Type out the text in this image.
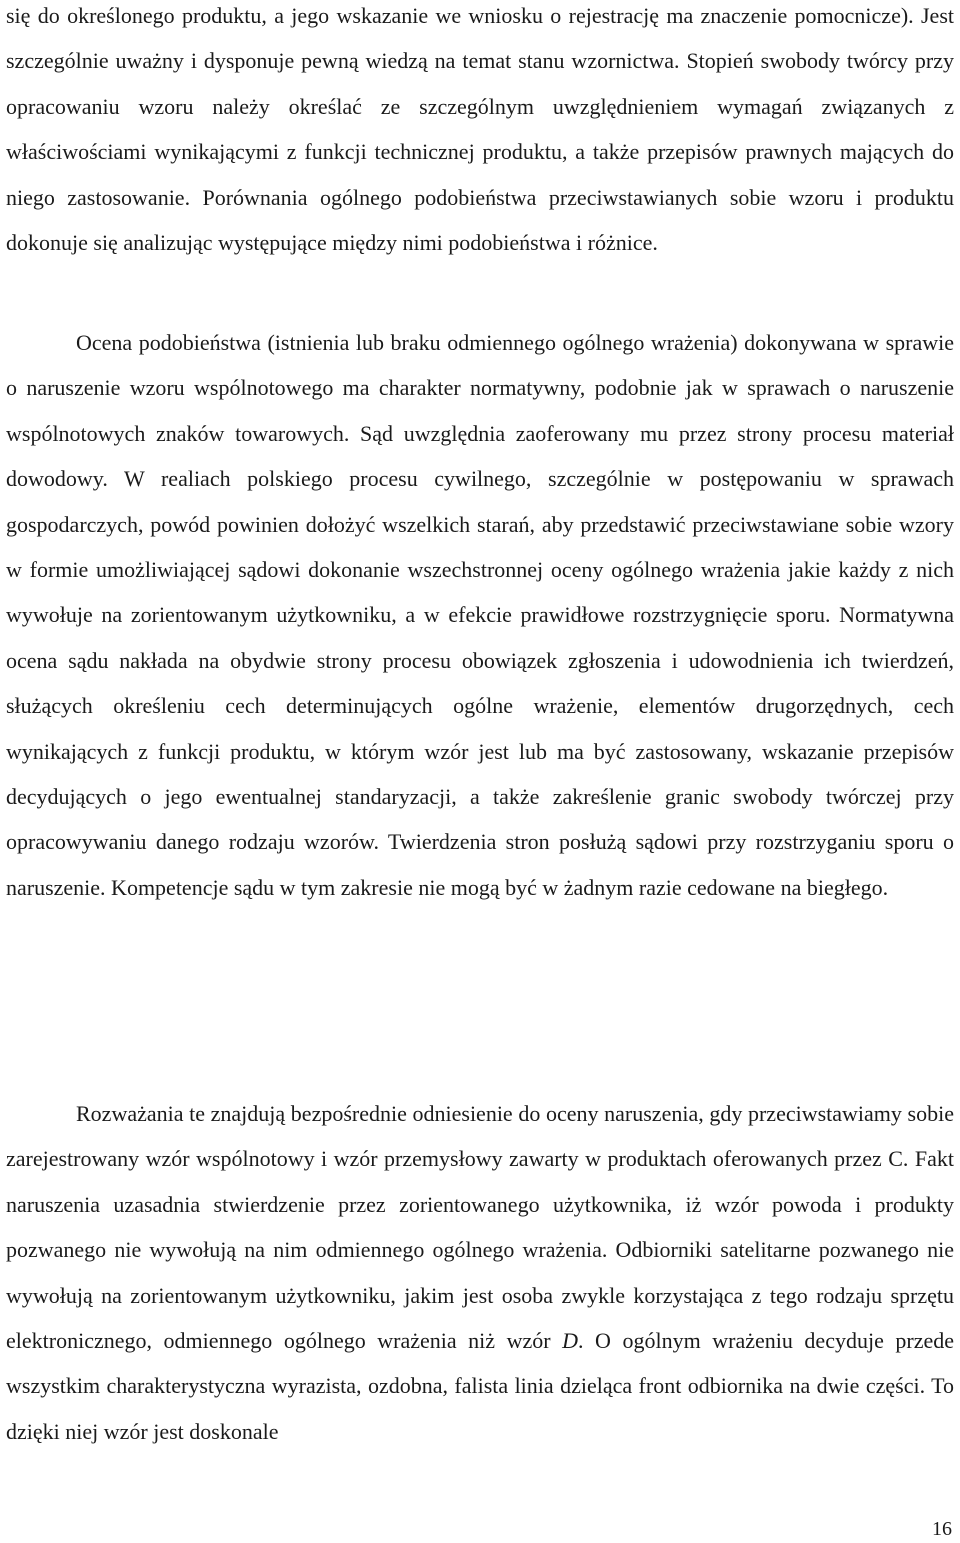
się do określonego produktu, a jego wskazanie we wniosku o rejestrację ma znaczenie pomocnicze). Jest szczególnie uważny i dysponuje pewną wiedzą na temat stanu wzornictwa. Stopień swobody twórcy przy opracowaniu wzoru należy określać ze szczególnym uwzględnieniem wymagań związanych z właściwościami wynikającymi z funkcji technicznej produktu, a także przepisów prawnych mających do niego zastosowanie. Porównania ogólnego podobieństwa przeciwstawianych sobie wzoru i produktu dokonuje się analizując występujące między nimi podobieństwa i różnice.

Ocena podobieństwa (istnienia lub braku odmiennego ogólnego wrażenia) dokonywana w sprawie o naruszenie wzoru wspólnotowego ma charakter normatywny, podobnie jak w sprawach o naruszenie wspólnotowych znaków towarowych. Sąd uwzględnia zaoferowany mu przez strony procesu materiał dowodowy. W realiach polskiego procesu cywilnego, szczególnie w postępowaniu w sprawach gospodarczych, powód powinien dołożyć wszelkich starań, aby przedstawić przeciwstawiane sobie wzory w formie umożliwiającej sądowi dokonanie wszechstronnej oceny ogólnego wrażenia jakie każdy z nich wywołuje na zorientowanym użytkowniku, a w efekcie prawidłowe rozstrzygnięcie sporu. Normatywna ocena sądu nakłada na obydwie strony procesu obowiązek zgłoszenia i udowodnienia ich twierdzeń, służących określeniu cech determinujących ogólne wrażenie, elementów drugorzędnych, cech wynikających z funkcji produktu, w którym wzór jest lub ma być zastosowany, wskazanie przepisów decydujących o jego ewentualnej standaryzacji, a także zakreślenie granic swobody twórczej przy opracowywaniu danego rodzaju wzorów. Twierdzenia stron posłużą sądowi przy rozstrzyganiu sporu o naruszenie. Kompetencje sądu w tym zakresie nie mogą być w żadnym razie cedowane na biegłego.

Rozważania te znajdują bezpośrednie odniesienie do oceny naruszenia, gdy przeciwstawiamy sobie zarejestrowany wzór wspólnotowy i wzór przemysłowy zawarty w produktach oferowanych przez C. Fakt naruszenia uzasadnia stwierdzenie przez zorientowanego użytkownika, iż wzór powoda i produkty pozwanego nie wywołują na nim odmiennego ogólnego wrażenia. Odbiorniki satelitarne pozwanego nie wywołują na zorientowanym użytkowniku, jakim jest osoba zwykle korzystająca z tego rodzaju sprzętu elektronicznego, odmiennego ogólnego wrażenia niż wzór D. O ogólnym wrażeniu decyduje przede wszystkim charakterystyczna wyrazista, ozdobna, falista linia dzieląca front odbiornika na dwie części. To dzięki niej wzór jest doskonale

16
